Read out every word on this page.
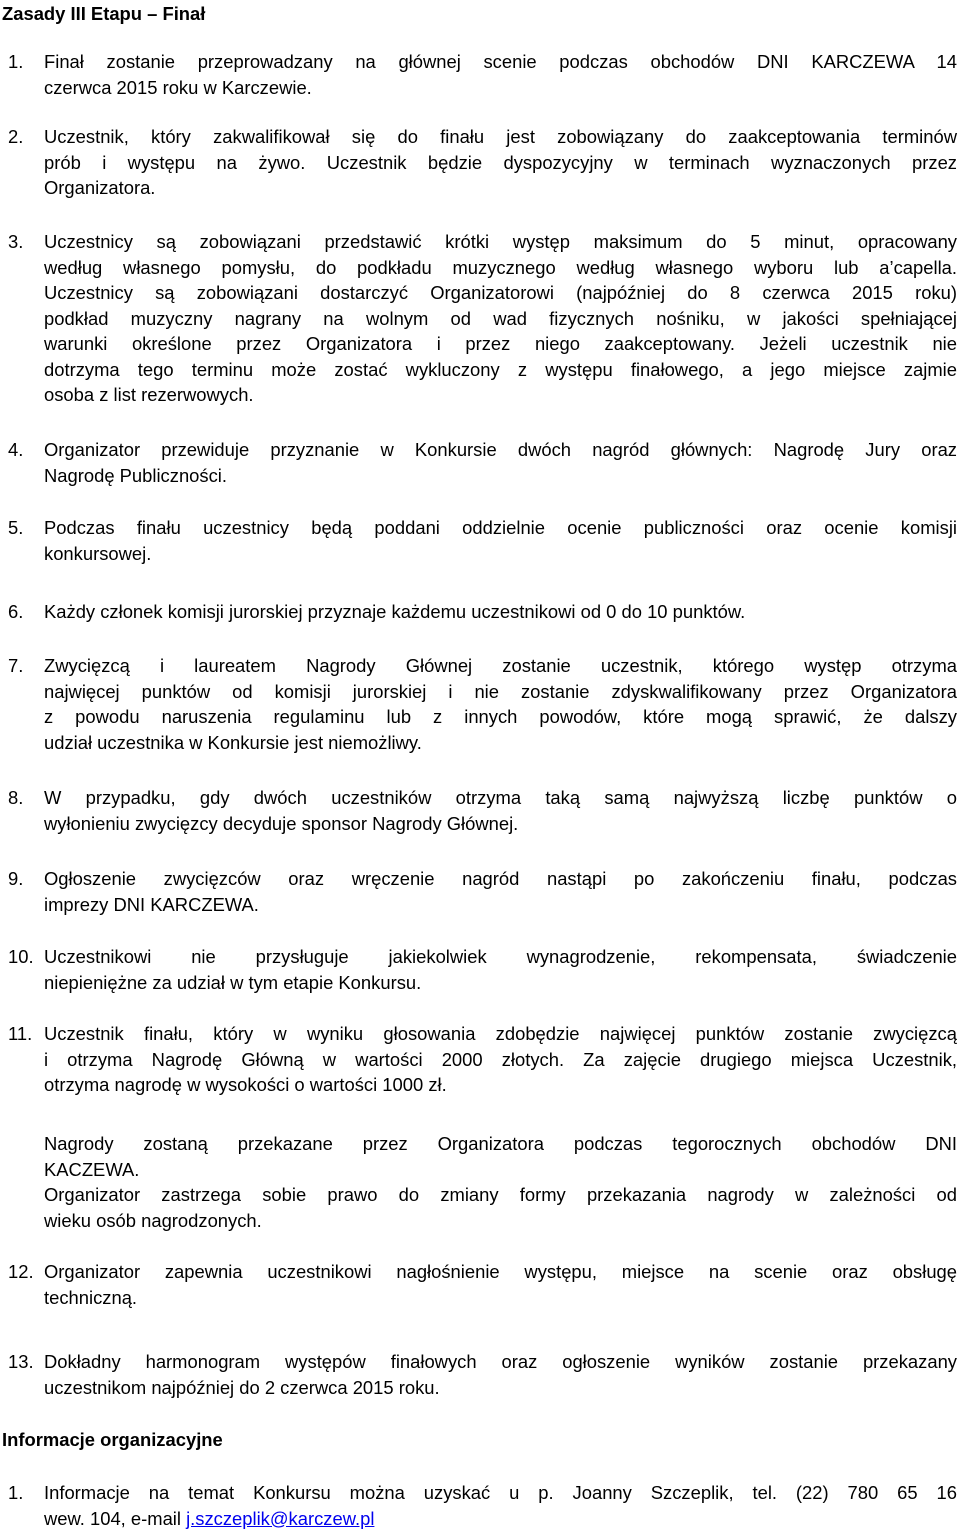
Zasady III Etapu – Finał
1. Finał zostanie przeprowadzany na głównej scenie podczas obchodów DNI KARCZEWA 14
czerwca 2015 roku w Karczewie.

2. Uczestnik, który zakwalifikował się do finału jest zobowiązany do zaakceptowania terminów
prób i występu na żywo. Uczestnik będzie dyspozycyjny w terminach wyznaczonych przez
Organizatora.

3. Uczestnicy są zobowiązani przedstawić krótki występ maksimum do 5 minut, opracowany
według własnego pomysłu, do podkładu muzycznego według własnego wyboru lub a’capella.
Uczestnicy są zobowiązani dostarczyć Organizatorowi (najpóźniej do 8 czerwca 2015 roku)
podkład muzyczny nagrany na wolnym od wad fizycznych nośniku, w jakości spełniającej
warunki określone przez Organizatora i przez niego zaakceptowany. Jeżeli uczestnik nie
dotrzyma tego terminu może zostać wykluczony z występu finałowego, a jego miejsce zajmie
osoba z list rezerwowych.

4. Organizator przewiduje przyznanie w Konkursie dwóch nagród głównych: Nagrodę Jury oraz
Nagrodę Publiczności.

5. Podczas finału uczestnicy będą poddani oddzielnie ocenie publiczności oraz ocenie komisji
konkursowej.

6. Każdy członek komisji jurorskiej przyznaje każdemu uczestnikowi od 0 do 10 punktów.

7. Zwycięzcą i laureatem Nagrody Głównej zostanie uczestnik, którego występ otrzyma
najwięcej punktów od komisji jurorskiej i nie zostanie zdyskwalifikowany przez Organizatora
z powodu naruszenia regulaminu lub z innych powodów, które mogą sprawić, że dalszy
udział uczestnika w Konkursie jest niemożliwy.

8. W przypadku, gdy dwóch uczestników otrzyma taką samą najwyższą liczbę punktów o
wyłonieniu zwycięzcy decyduje sponsor Nagrody Głównej.

9. Ogłoszenie zwycięzców oraz wręczenie nagród nastąpi po zakończeniu finału, podczas
imprezy DNI KARCZEWA.

10. Uczestnikowi nie przysługuje jakiekolwiek wynagrodzenie, rekompensata, świadczenie
niepieniężne za udział w tym etapie Konkursu.

11. Uczestnik finału, który w wyniku głosowania zdobędzie najwięcej punktów zostanie zwycięzcą
i otrzyma Nagrodę Główną w wartości 2000 złotych. Za zajęcie drugiego miejsca Uczestnik,
otrzyma nagrodę w wysokości o wartości 1000 zł.

Nagrody zostaną przekazane przez Organizatora podczas tegorocznych obchodów DNI
KACZEWA.
Organizator zastrzega sobie prawo do zmiany formy przekazania nagrody w zależności od
wieku osób nagrodzonych.

12. Organizator zapewnia uczestnikowi nagłośnienie występu, miejsce na scenie oraz obsługę
techniczną.

13. Dokładny harmonogram występów finałowych oraz ogłoszenie wyników zostanie przekazany
uczestnikom najpóźniej do 2 czerwca 2015 roku.

Informacje organizacyjne
1. Informacje na temat Konkursu można uzyskać u p. Joanny Szczeplik, tel. (22) 780 65 16
wew. 104, e-mail j.szczeplik@karczew.pl
